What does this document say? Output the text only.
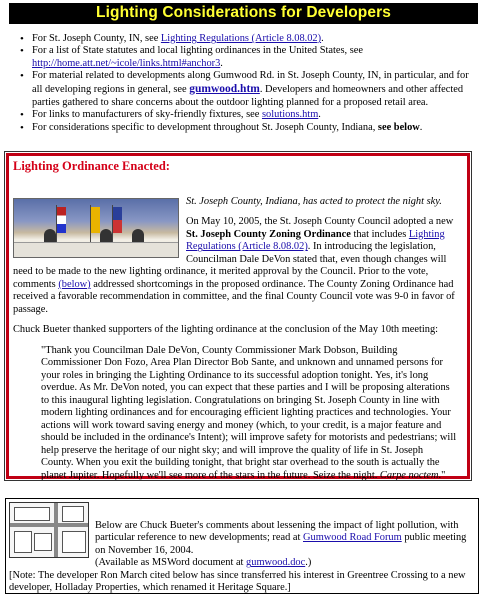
Lighting Considerations for Developers
• For St. Joseph County, IN, see Lighting Regulations (Article 8.08.02).
• For a list of State statutes and local lighting ordinances in the United States, see http://home.att.net/~icole/links.html#anchor3.
• For material related to developments along Gumwood Rd. in St. Joseph County, IN, in particular, and for all developing regions in general, see gumwood.htm. Developers and homeowners and other affected parties gathered to share concerns about the outdoor lighting planned for a proposed retail area.
• For links to manufacturers of sky-friendly fixtures, see solutions.htm.
• For considerations specific to development throughout St. Joseph County, Indiana, see below.
Lighting Ordinance Enacted:

St. Joseph County, Indiana, has acted to protect the night sky.

On May 10, 2005, the St. Joseph County Council adopted a new St. Joseph County Zoning Ordinance that includes Lighting Regulations (Article 8.08.02). In introducing the legislation, Councilman Dale DeVon stated that, even though changes will need to be made to the new lighting ordinance, it merited approval by the Council. Prior to the vote, comments (below) addressed shortcomings in the proposed ordinance. The County Zoning Ordinance had received a favorable recommendation in committee, and the final County Council vote was 9-0 in favor of passage.

Chuck Bueter thanked supporters of the lighting ordinance at the conclusion of the May 10th meeting:

"Thank you Councilman Dale DeVon, County Commissioner Mark Dobson, Building Commissioner Don Fozo, Area Plan Director Bob Sante, and unknown and unnamed persons for your roles in bringing the Lighting Ordinance to its successful adoption tonight. Yes, it's long overdue. As Mr. DeVon noted, you can expect that these parties and I will be proposing alterations to this inaugural lighting legislation. Congratulations on bringing St. Joseph County in line with modern lighting ordinances and for encouraging efficient lighting practices and technologies. Your actions will work toward saving energy and money (which, to your credit, is a major feature and should be included in the ordinance's Intent); will improve safety for motorists and pedestrians; will help preserve the heritage of our night sky; and will improve the quality of life in St. Joseph County. When you exit the building tonight, that bright star overhead to the south is actually the planet Jupiter. Hopefully we'll see more of the stars in the future. Seize the night. Carpe noctem."

Below are Chuck Bueter's comments about lessening the impact of light pollution, with particular reference to new developments; read at Gumwood Road Forum public meeting on November 16, 2004.

(Available as MSWord document at gumwood.doc.)

[Note: The developer Ron March cited below has since transferred his interest in Greentree Crossing to a new developer, Holladay Properties, which renamed it Heritage Square.]
